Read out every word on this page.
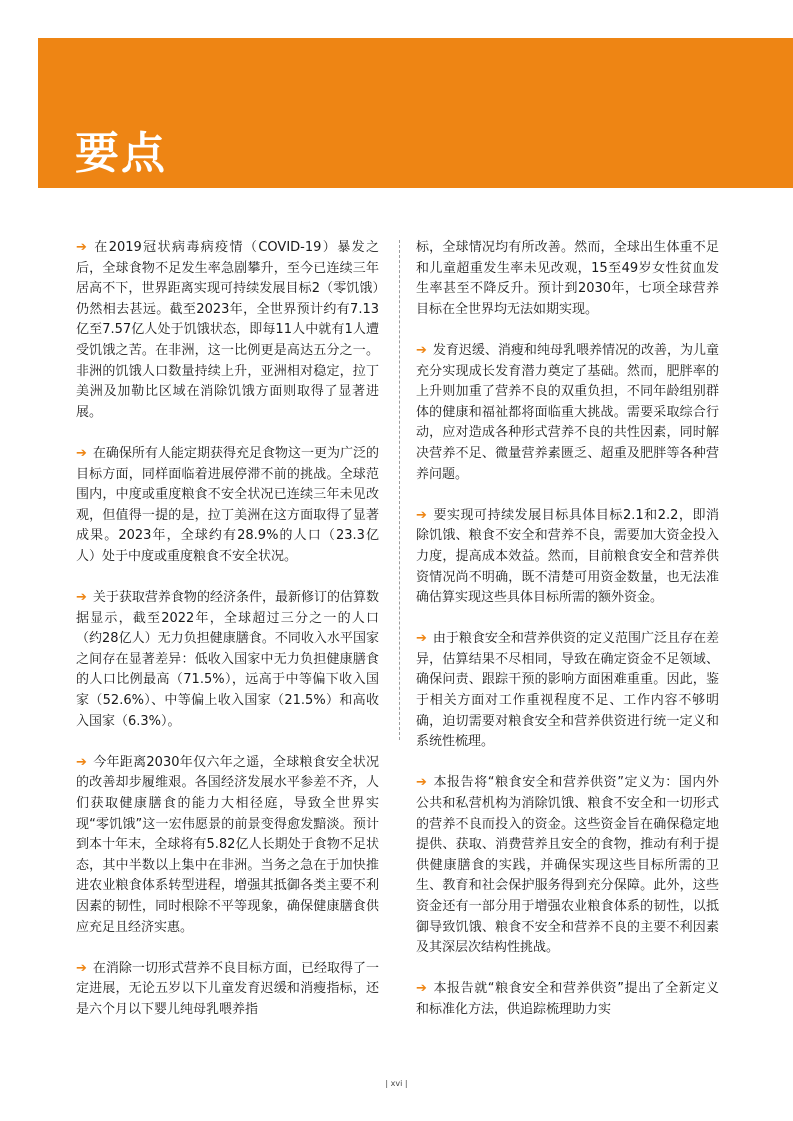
要点

➔ 在2019冠状病毒病疫情（COVID-19）暴发之后，全球食物不足发生率急剧攀升，至今已连续三年居高不下，世界距离实现可持续发展目标2（零饥饿）仍然相去甚远。截至2023年，全世界预计约有7.13亿至7.57亿人处于饥饿状态，即每11人中就有1人遭受饥饿之苦。在非洲，这一比例更是高达五分之一。非洲的饥饿人口数量持续上升，亚洲相对稳定，拉丁美洲及加勒比区域在消除饥饿方面则取得了显著进展。

➔ 在确保所有人能定期获得充足食物这一更为广泛的目标方面，同样面临着进展停滞不前的挑战。全球范围内，中度或重度粮食不安全状况已连续三年未见改观，但值得一提的是，拉丁美洲在这方面取得了显著成果。2023年，全球约有28.9%的人口（23.3亿人）处于中度或重度粮食不安全状况。

➔ 关于获取营养食物的经济条件，最新修订的估算数据显示，截至2022年，全球超过三分之一的人口（约28亿人）无力负担健康膳食。不同收入水平国家之间存在显著差异：低收入国家中无力负担健康膳食的人口比例最高（71.5%），远高于中等偏下收入国家（52.6%）、中等偏上收入国家（21.5%）和高收入国家（6.3%）。

➔ 今年距离2030年仅六年之遥，全球粮食安全状况的改善却步履维艰。各国经济发展水平参差不齐，人们获取健康膳食的能力大相径庭，导致全世界实现“零饥饿”这一宏伟愿景的前景变得愈发黯淡。预计到本十年末，全球将有5.82亿人长期处于食物不足状态，其中半数以上集中在非洲。当务之急在于加快推进农业粮食体系转型进程，增强其抵御各类主要不利因素的韧性，同时根除不平等现象，确保健康膳食供应充足且经济实惠。

➔ 在消除一切形式营养不良目标方面，已经取得了一定进展，无论五岁以下儿童发育迟缓和消瘦指标，还是六个月以下婴儿纯母乳喂养指

标，全球情况均有所改善。然而，全球出生体重不足和儿童超重发生率未见改观，15至49岁女性贫血发生率甚至不降反升。预计到2030年，七项全球营养目标在全世界均无法如期实现。

➔ 发育迟缓、消瘦和纯母乳喂养情况的改善，为儿童充分实现成长发育潜力奠定了基础。然而，肥胖率的上升则加重了营养不良的双重负担，不同年龄组别群体的健康和福祉都将面临重大挑战。需要采取综合行动，应对造成各种形式营养不良的共性因素，同时解决营养不足、微量营养素匮乏、超重及肥胖等各种营养问题。

➔ 要实现可持续发展目标具体目标2.1和2.2，即消除饥饿、粮食不安全和营养不良，需要加大资金投入力度，提高成本效益。然而，目前粮食安全和营养供资情况尚不明确，既不清楚可用资金数量，也无法准确估算实现这些具体目标所需的额外资金。

➔ 由于粮食安全和营养供资的定义范围广泛且存在差异，估算结果不尽相同，导致在确定资金不足领域、确保问责、跟踪干预的影响方面困难重重。因此，鉴于相关方面对工作重视程度不足、工作内容不够明确，迫切需要对粮食安全和营养供资进行统一定义和系统性梳理。

➔ 本报告将“粮食安全和营养供资”定义为：国内外公共和私营机构为消除饥饿、粮食不安全和一切形式的营养不良而投入的资金。这些资金旨在确保稳定地提供、获取、消费营养且安全的食物，推动有利于提供健康膳食的实践，并确保实现这些目标所需的卫生、教育和社会保护服务得到充分保障。此外，这些资金还有一部分用于增强农业粮食体系的韧性，以抵御导致饥饿、粮食不安全和营养不良的主要不利因素及其深层次结构性挑战。

➔ 本报告就“粮食安全和营养供资”提出了全新定义和标准化方法，供追踪梳理助力实

| xvi |
